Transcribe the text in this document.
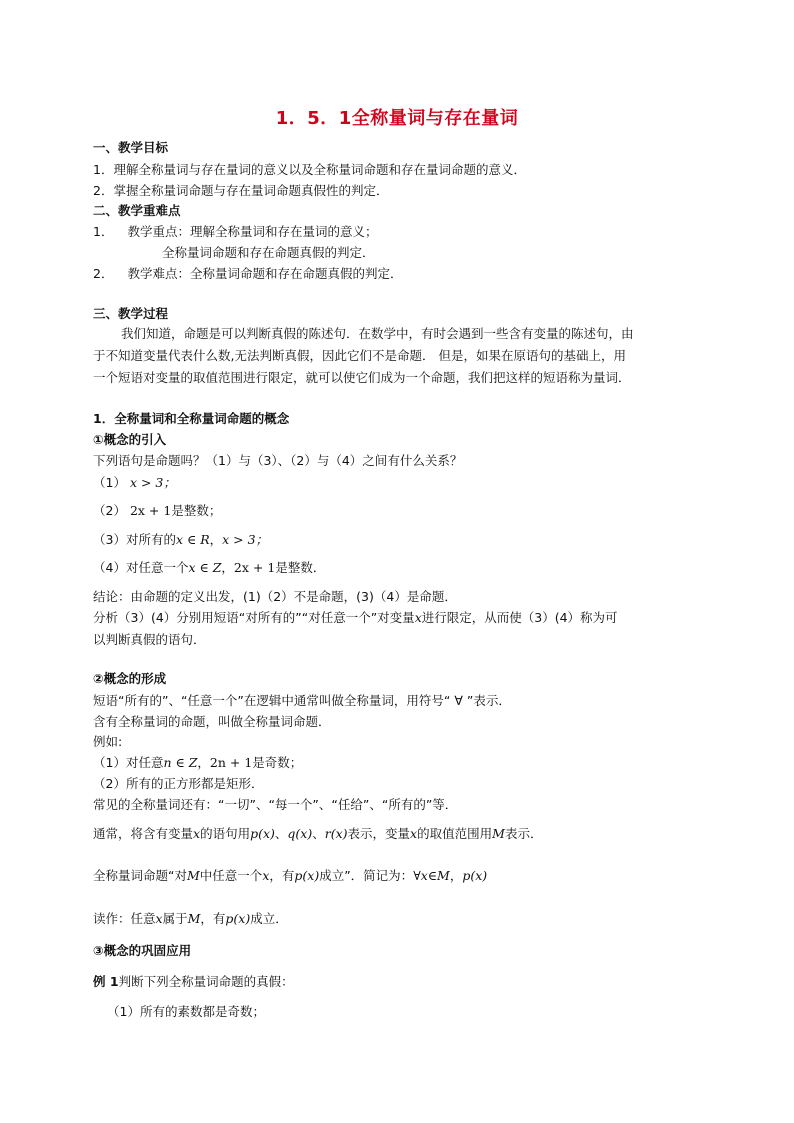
1．5．1全称量词与存在量词
一、教学目标
1．理解全称量词与存在量词的意义以及全称量词命题和存在量词命题的意义．
2．掌握全称量词命题与存在量词命题真假性的判定．
二、教学重难点
1． 教学重点：理解全称量词和存在量词的意义；
全称量词命题和存在命题真假的判定．
2． 教学难点：全称量词命题和存在命题真假的判定．
三、教学过程
我们知道，命题是可以判断真假的陈述句．在数学中，有时会遇到一些含有变量的陈述句，由
于不知道变量代表什么数,无法判断真假，因此它们不是命题． 但是，如果在原语句的基础上，用
一个短语对变量的取值范围进行限定，就可以使它们成为一个命题，我们把这样的短语称为量词．
1．全称量词和全称量词命题的概念
①概念的引入
下列语句是命题吗？（1）与（3）、（2）与（4）之间有什么关系？
（1） x > 3；
（2） 2x + 1是整数；
（3）对所有的x ∈ R，x > 3；
（4）对任意一个x ∈ Z，2x + 1是整数．
结论：由命题的定义出发，(1)（2）不是命题，(3)（4）是命题．
分析（3）(4）分别用短语“对所有的”“对任意一个”对变量x进行限定，从而使（3）(4）称为可
以判断真假的语句．
②概念的形成
短语“所有的”、“任意一个”在逻辑中通常叫做全称量词，用符号“ ∀ ”表示．
含有全称量词的命题，叫做全称量词命题．
例如:
（1）对任意n ∈ Z，2n + 1是奇数；
（2）所有的正方形都是矩形．
常见的全称量词还有：“一切”、“每一个”、“任给”、“所有的”等．
通常，将含有变量x的语句用p(x)、q(x)、r(x)表示，变量x的取值范围用M表示．
全称量词命题“对M中任意一个x，有p(x)成立”．简记为：∀x∈M，p(x)
读作：任意x属于M，有p(x)成立．
③概念的巩固应用
例 1判断下列全称量词命题的真假：
（1）所有的素数都是奇数；
